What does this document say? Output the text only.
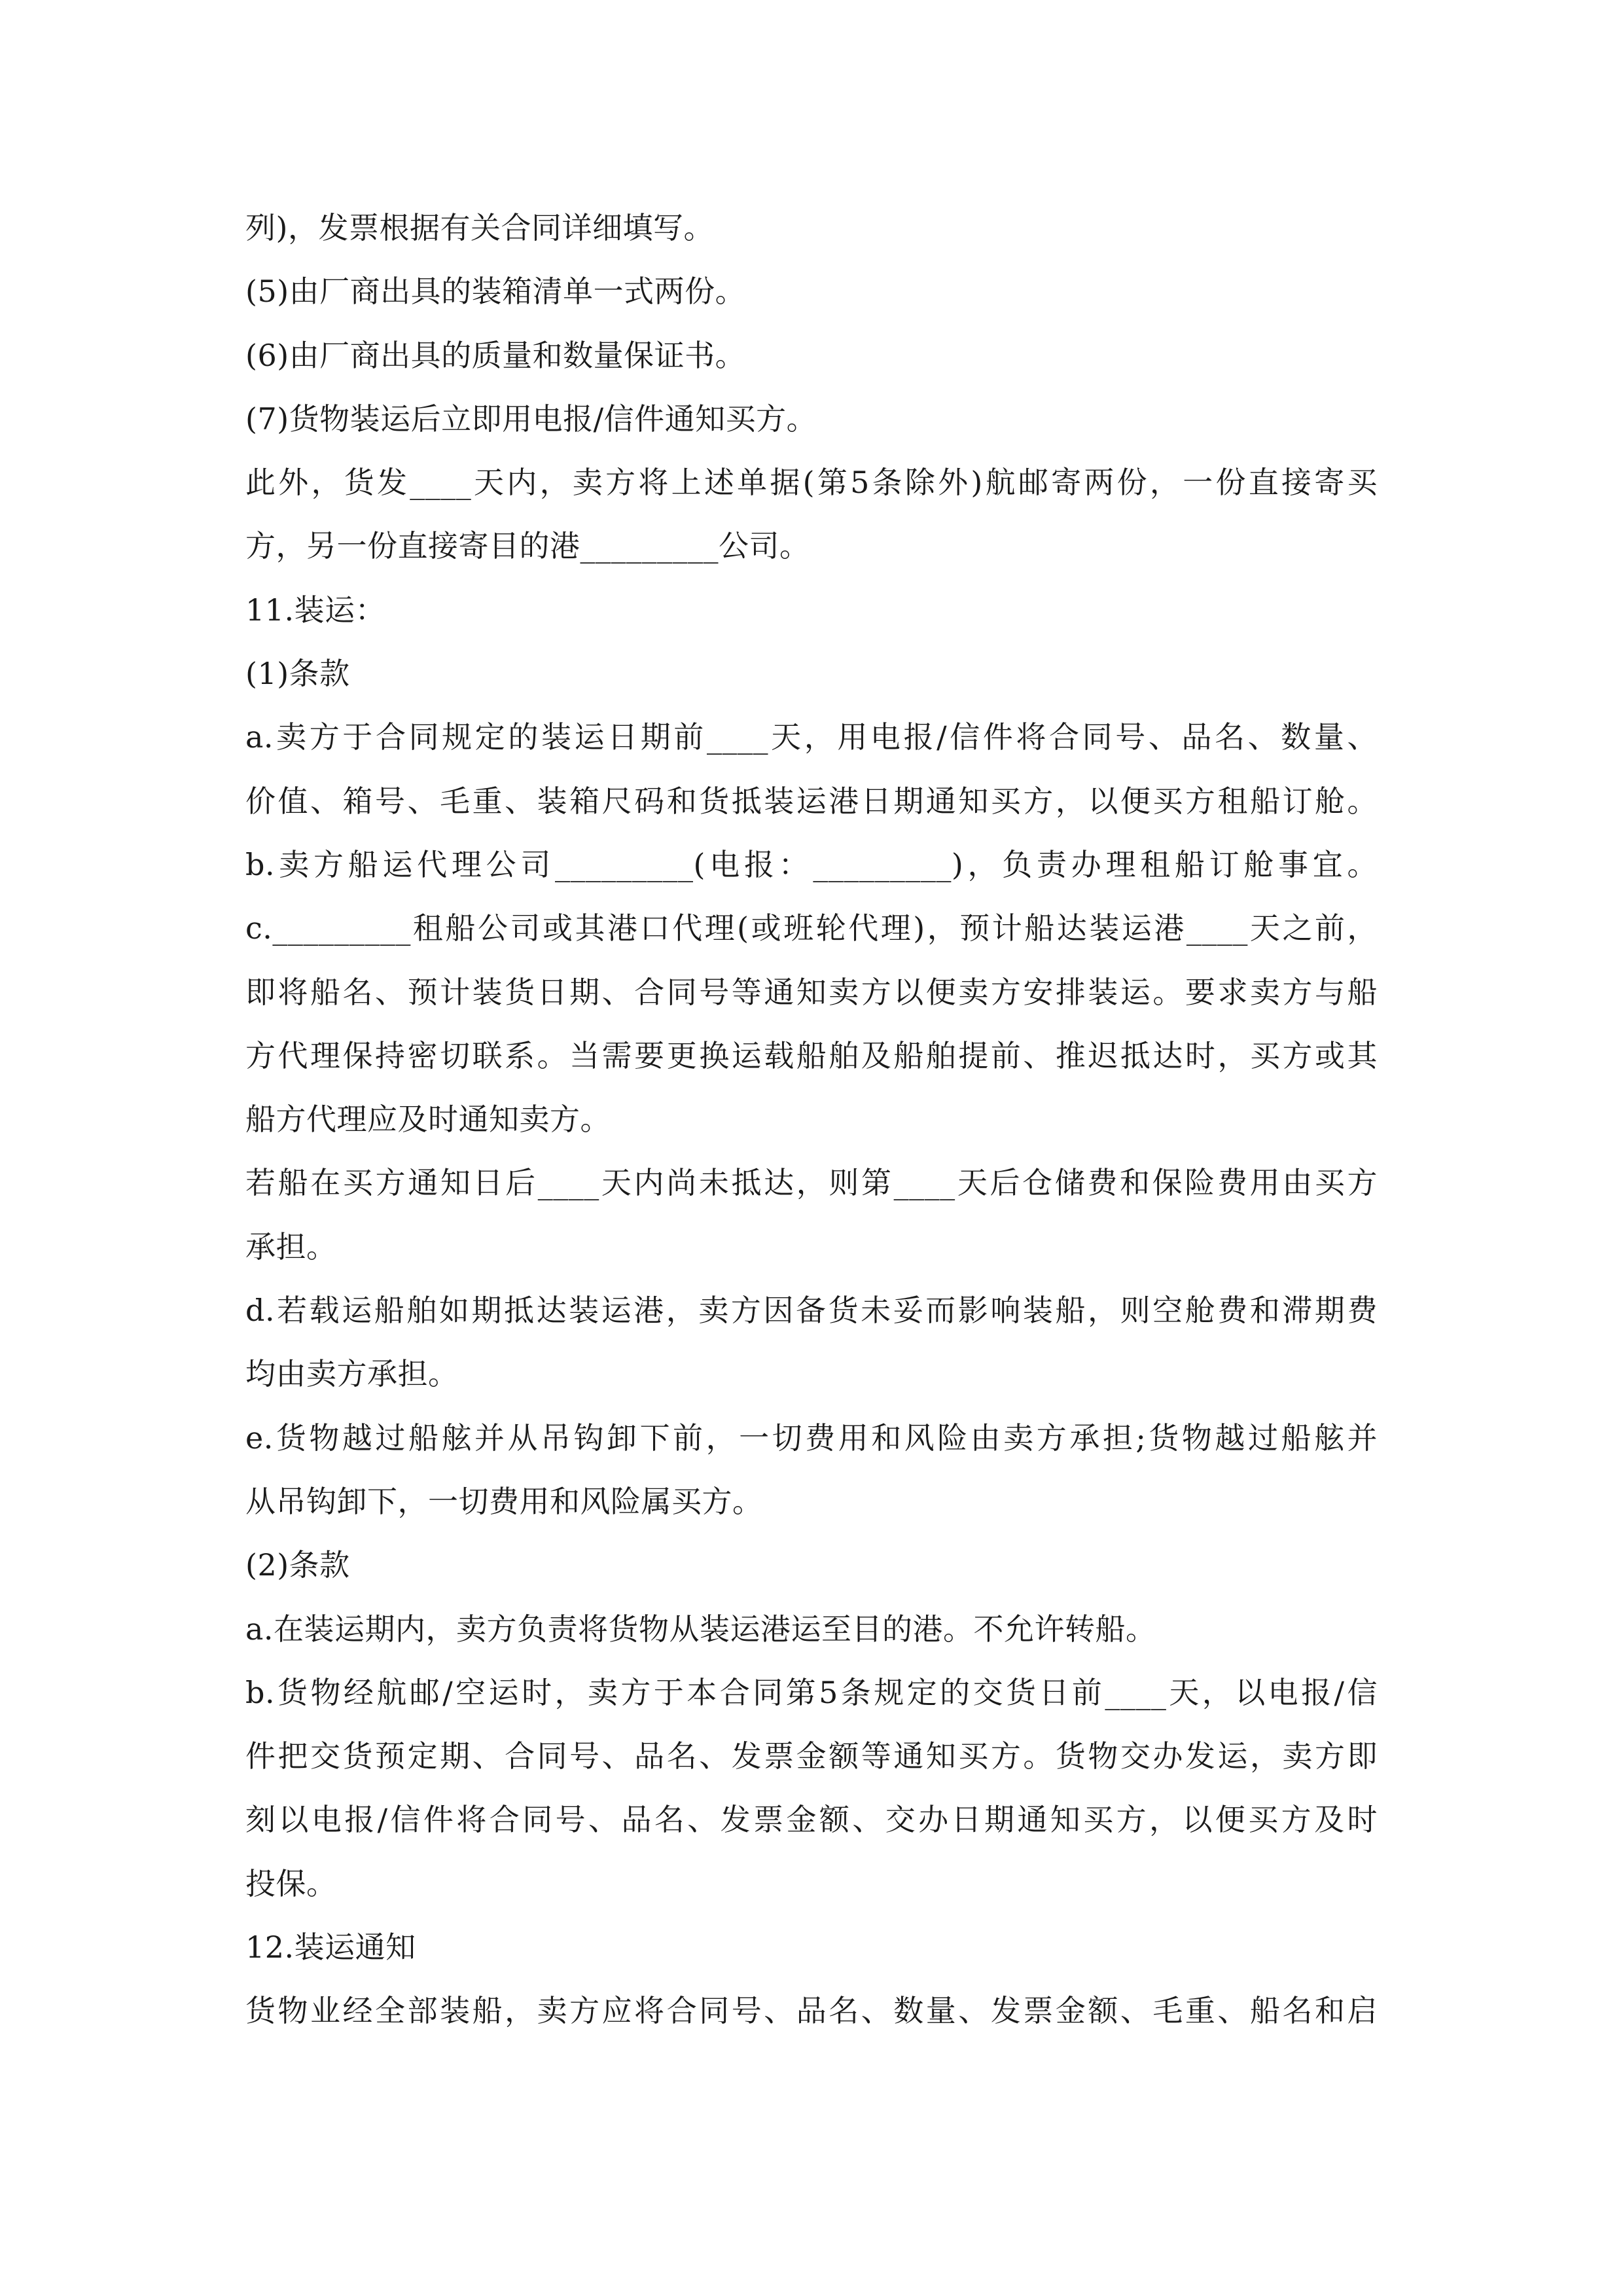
列)，发票根据有关合同详细填写。
(5)由厂商出具的装箱清单一式两份。
(6)由厂商出具的质量和数量保证书。
(7)货物装运后立即用电报/信件通知买方。
此外，货发____天内，卖方将上述单据(第5条除外)航邮寄两份，一份直接寄买
方，另一份直接寄目的港_________公司。
11.装运：
(1)条款
a.卖方于合同规定的装运日期前____天，用电报/信件将合同号、品名、数量、
价值、箱号、毛重、装箱尺码和货抵装运港日期通知买方，以便买方租船订舱。
b.卖方船运代理公司_________(电报：_________)，负责办理租船订舱事宜。
c._________租船公司或其港口代理(或班轮代理)，预计船达装运港____天之前，
即将船名、预计装货日期、合同号等通知卖方以便卖方安排装运。要求卖方与船
方代理保持密切联系。当需要更换运载船舶及船舶提前、推迟抵达时，买方或其
船方代理应及时通知卖方。
若船在买方通知日后____天内尚未抵达，则第____天后仓储费和保险费用由买方
承担。
d.若载运船舶如期抵达装运港，卖方因备货未妥而影响装船，则空舱费和滞期费
均由卖方承担。
e.货物越过船舷并从吊钩卸下前，一切费用和风险由卖方承担;货物越过船舷并
从吊钩卸下，一切费用和风险属买方。
(2)条款
a.在装运期内，卖方负责将货物从装运港运至目的港。不允许转船。
b.货物经航邮/空运时，卖方于本合同第5条规定的交货日前____天，以电报/信
件把交货预定期、合同号、品名、发票金额等通知买方。货物交办发运，卖方即
刻以电报/信件将合同号、品名、发票金额、交办日期通知买方，以便买方及时
投保。
12.装运通知
货物业经全部装船，卖方应将合同号、品名、数量、发票金额、毛重、船名和启
